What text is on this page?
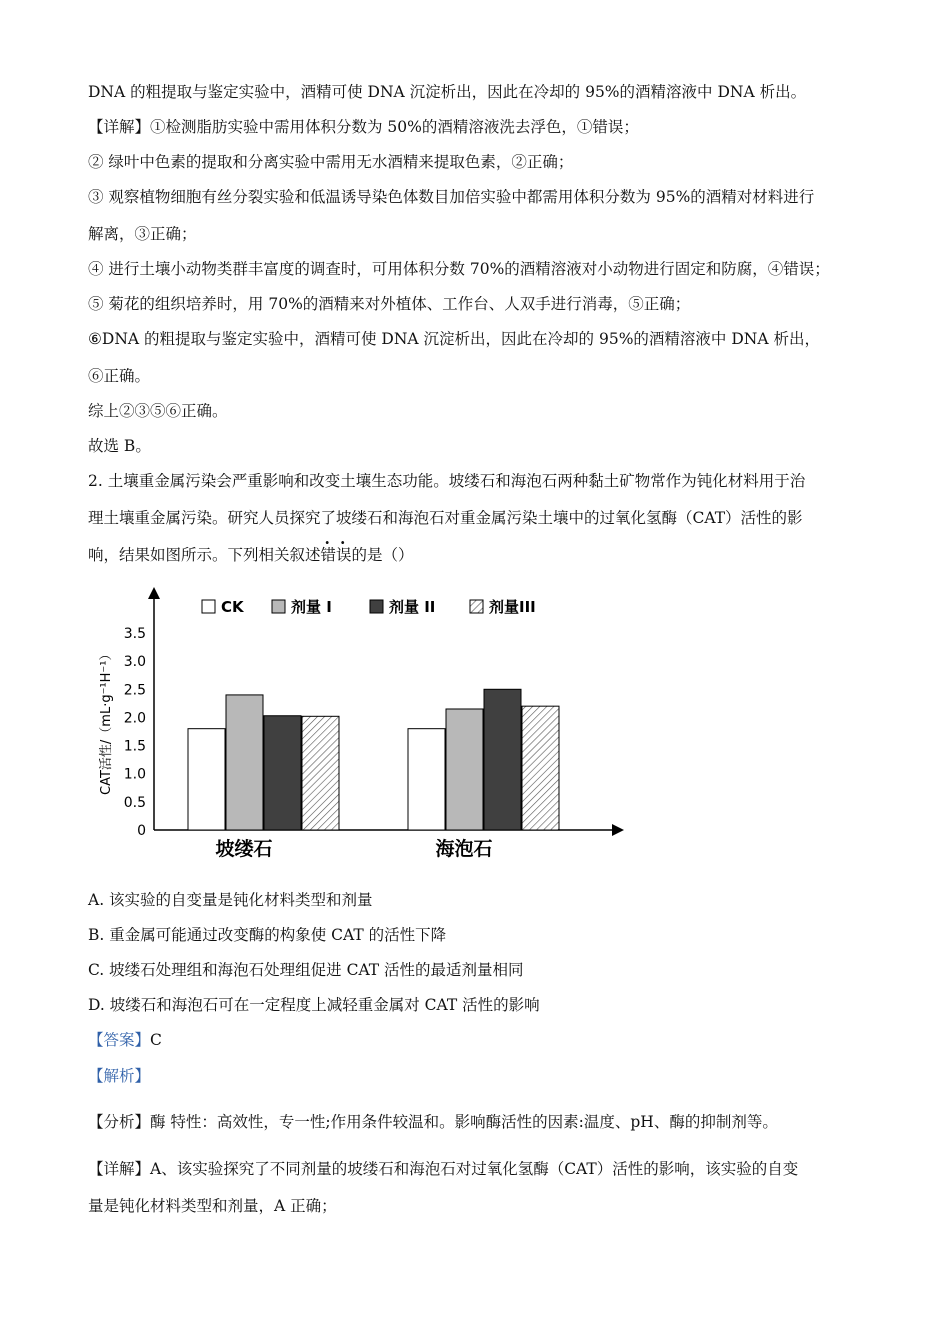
DNA 的粗提取与鉴定实验中，酒精可使 DNA 沉淀析出，因此在冷却的 95%的酒精溶液中 DNA 析出。
【详解】①检测脂肪实验中需用体积分数为 50%的酒精溶液洗去浮色，①错误；
② 绿叶中色素的提取和分离实验中需用无水酒精来提取色素，②正确；
③ 观察植物细胞有丝分裂实验和低温诱导染色体数目加倍实验中都需用体积分数为 95%的酒精对材料进行
解离，③正确；
④ 进行土壤小动物类群丰富度的调查时，可用体积分数 70%的酒精溶液对小动物进行固定和防腐，④错误；
⑤ 菊花的组织培养时，用 70%的酒精来对外植体、工作台、人双手进行消毒，⑤正确；
⑥DNA 的粗提取与鉴定实验中，酒精可使 DNA 沉淀析出，因此在冷却的 95%的酒精溶液中 DNA 析出，
⑥正确。
综上②③⑤⑥正确。
故选 B。
2. 土壤重金属污染会严重影响和改变土壤生态功能。坡缕石和海泡石两种黏土矿物常作为钝化材料用于治
理土壤重金属污染。研究人员探究了坡缕石和海泡石对重金属污染土壤中的过氧化氢酶（CAT）活性的影
响，结果如图所示。下列相关叙述错误的是（）
3.5
3.0
2.5
2.0
1.5
1.0
0.5
0
CK	剂量 I	剂量 II	剂量III
坡缕石	海泡石
CAT活性/（mL·g⁻¹H⁻¹）
A. 该实验的自变量是钝化材料类型和剂量
B. 重金属可能通过改变酶的构象使 CAT 的活性下降
C. 坡缕石处理组和海泡石处理组促进 CAT 活性的最适剂量相同
D. 坡缕石和海泡石可在一定程度上减轻重金属对 CAT 活性的影响
【答案】C
【解析】
【分析】酶 特性：高效性，专一性;作用条件较温和。影响酶活性的因素:温度、pH、酶的抑制剂等。
【详解】A、该实验探究了不同剂量的坡缕石和海泡石对过氧化氢酶（CAT）活性的影响，该实验的自变
量是钝化材料类型和剂量，A 正确；
